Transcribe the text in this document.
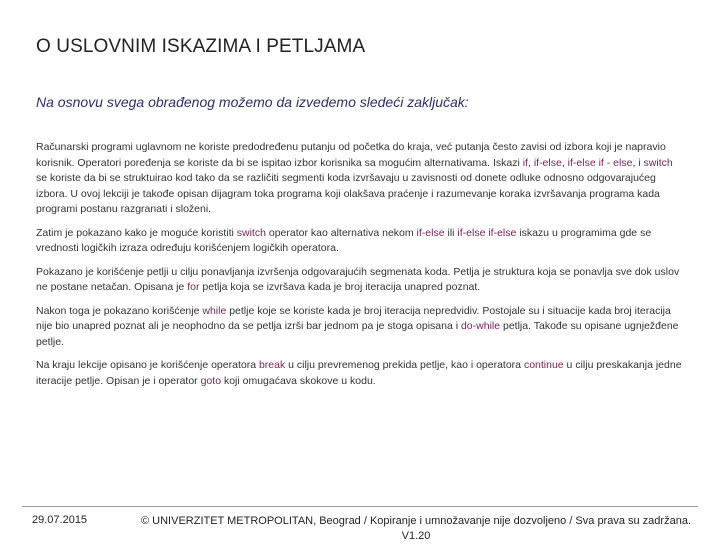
O USLOVNIM ISKAZIMA I PETLJAMA
Na osnovu svega obrađenog možemo da izvedemo sledeći zaključak:

Računarski programi uglavnom ne koriste predodređenu putanju od početka do kraja, već putanja često zavisi od izbora koji je napravio korisnik. Operatori poređenja se koriste da bi se ispitao izbor korisnika sa mogućim alternativama. Iskazi if, if-else, if-else if - else, i switch se koriste da bi se struktuirao kod tako da se različiti segmenti koda izvršavaju u zavisnosti od donete odluke odnosno odgovarajućeg izbora. U ovoj lekciji je takođe opisan dijagram toka programa koji olakšava praćenje i razumevanje koraka izvršavanja programa kada programi postanu razgranati i složeni.

Zatim je pokazano kako je moguće koristiti switch operator kao alternativa nekom if-else ili if-else if-else iskazu u programima gde se vrednosti logičkih izraza određuju korišćenjem logičkih operatora.

Pokazano je korišćenje petlji u cilju ponavljanja izvršenja odgovarajućih segmenata koda. Petlja je struktura koja se ponavlja sve dok uslov ne postane netačan. Opisana je for petlja koja se izvršava kada je broj iteracija unapred poznat.

Nakon toga je pokazano korišćenje while petlje koje se koriste kada je broj iteracija nepredvidiv. Postojale su i situacije kada broj iteracija nije bio unapred poznat ali je neophodno da se petlja izrši bar jednom pa je stoga opisana i do-while petlja. Takođe su opisane ugnježđene petlje.

Na kraju lekcije opisano je korišćenje operatora break u cilju prevremenog prekida petlje, kao i operatora continue u cilju preskakanja jedne iteracije petlje. Opisan je i operator goto koji omugaćava skokove u kodu.

29.07.2015	© UNIVERZITET METROPOLITAN, Beograd / Kopiranje i umnožavanje nije dozvoljeno / Sva prava su zadržana. V1.20
